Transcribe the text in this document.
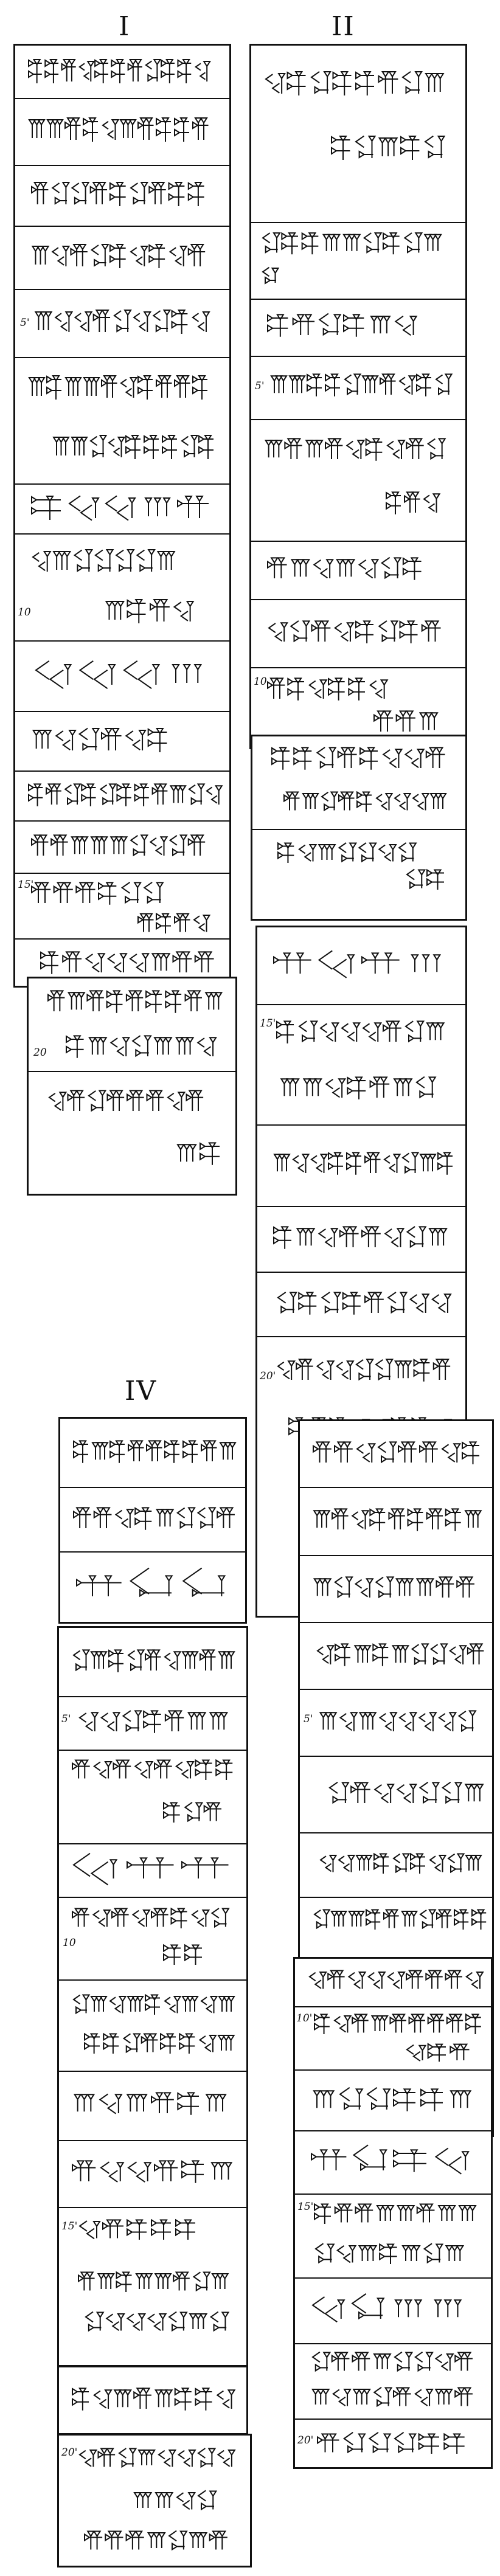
I	II
IV
5'
10
15'
20
5'
10
15'
20'
5'
10
15'
20'
5'
10'
15'
20'
